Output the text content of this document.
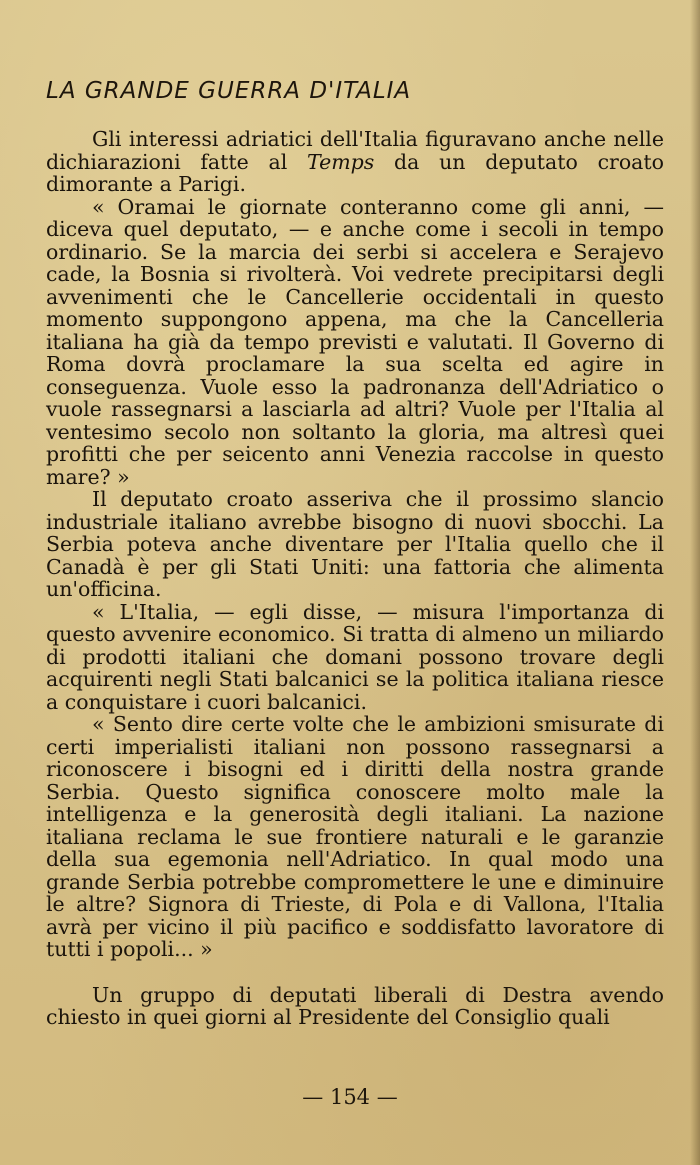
LA GRANDE GUERRA D'ITALIA

Gli interessi adriatici dell'Italia figuravano anche nelle dichiarazioni fatte al Temps da un deputato croato dimorante a Parigi.

« Oramai le giornate conteranno come gli anni, — diceva quel deputato, — e anche come i secoli in tempo ordinario. Se la marcia dei serbi si accelera e Serajevo cade, la Bosnia si rivolterà. Voi vedrete precipitarsi degli avvenimenti che le Cancellerie occidentali in questo momento suppongono appena, ma che la Cancelleria italiana ha già da tempo previsti e valutati. Il Governo di Roma dovrà proclamare la sua scelta ed agire in conseguenza. Vuole esso la padronanza dell'Adriatico o vuole rassegnarsi a lasciarla ad altri? Vuole per l'Italia al ventesimo secolo non soltanto la gloria, ma altresì quei profitti che per seicento anni Venezia raccolse in questo mare? »

Il deputato croato asseriva che il prossimo slancio industriale italiano avrebbe bisogno di nuovi sbocchi. La Serbia poteva anche diventare per l'Italia quello che il Canadà è per gli Stati Uniti: una fattoria che alimenta un'officina.

« L'Italia, — egli disse, — misura l'importanza di questo avvenire economico. Si tratta di almeno un miliardo di prodotti italiani che domani possono trovare degli acquirenti negli Stati balcanici se la politica italiana riesce a conquistare i cuori balcanici.

« Sento dire certe volte che le ambizioni smisurate di certi imperialisti italiani non possono rassegnarsi a riconoscere i bisogni ed i diritti della nostra grande Serbia. Questo significa conoscere molto male la intelligenza e la generosità degli italiani. La nazione italiana reclama le sue frontiere naturali e le garanzie della sua egemonia nell'Adriatico. In qual modo una grande Serbia potrebbe compromettere le une e diminuire le altre? Signora di Trieste, di Pola e di Vallona, l'Italia avrà per vicino il più pacifico e soddisfatto lavoratore di tutti i popoli... »

Un gruppo di deputati liberali di Destra avendo chiesto in quei giorni al Presidente del Consiglio quali

— 154 —
